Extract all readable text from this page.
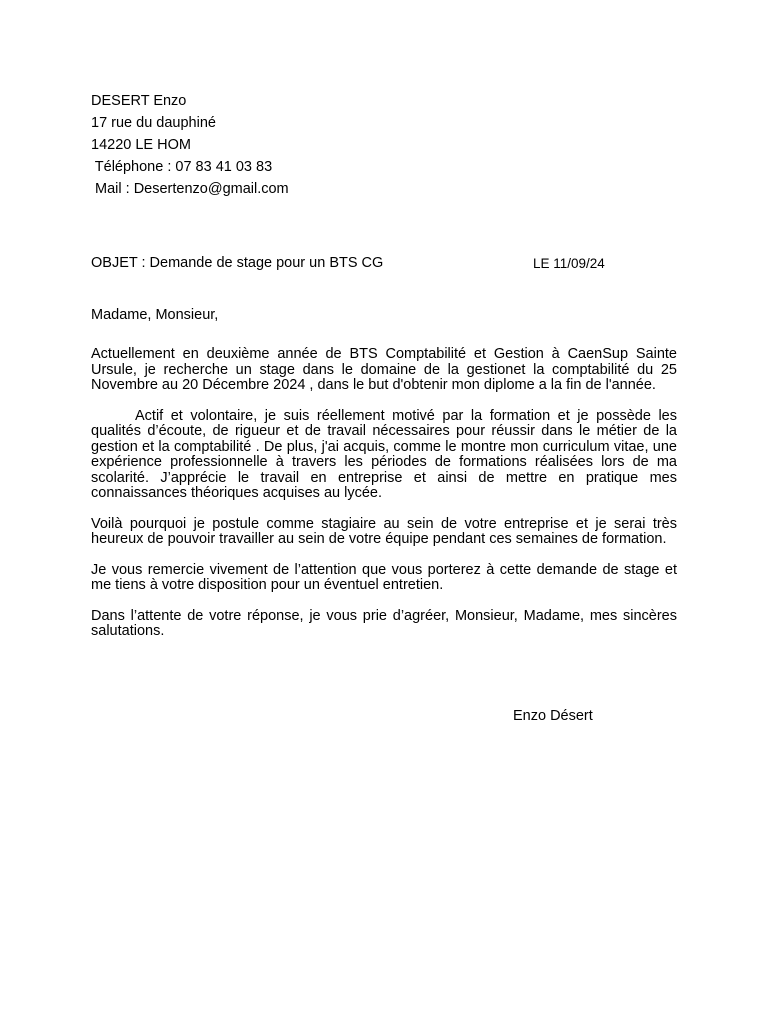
DESERT Enzo
17 rue du dauphiné
14220 LE HOM
Téléphone : 07 83 41 03 83
Mail : Desertenzo@gmail.com
OBJET : Demande de stage pour un BTS CG	LE 11/09/24
Madame, Monsieur,

Actuellement en deuxième année de BTS Comptabilité et Gestion à CaenSup Sainte Ursule, je recherche un stage dans le domaine de la gestionet la comptabilité du 25 Novembre au 20 Décembre 2024 , dans le but d'obtenir mon diplome a la fin de l'année.

Actif et volontaire, je suis réellement motivé par la formation et je possède les qualités d’écoute, de rigueur et de travail nécessaires pour réussir dans le métier de la gestion et la comptabilité . De plus, j'ai acquis, comme le montre mon curriculum vitae, une expérience professionnelle à travers les périodes de formations réalisées lors de ma scolarité. J’apprécie le travail en entreprise et ainsi de mettre en pratique mes connaissances théoriques acquises au lycée.

Voilà pourquoi je postule comme stagiaire au sein de votre entreprise et je serai très heureux de pouvoir travailler au sein de votre équipe pendant ces semaines de formation.

Je vous remercie vivement de l’attention que vous porterez à cette demande de stage et me tiens à votre disposition pour un éventuel entretien.

Dans l’attente de votre réponse, je vous prie d’agréer, Monsieur, Madame, mes sincères salutations.

Enzo Désert
